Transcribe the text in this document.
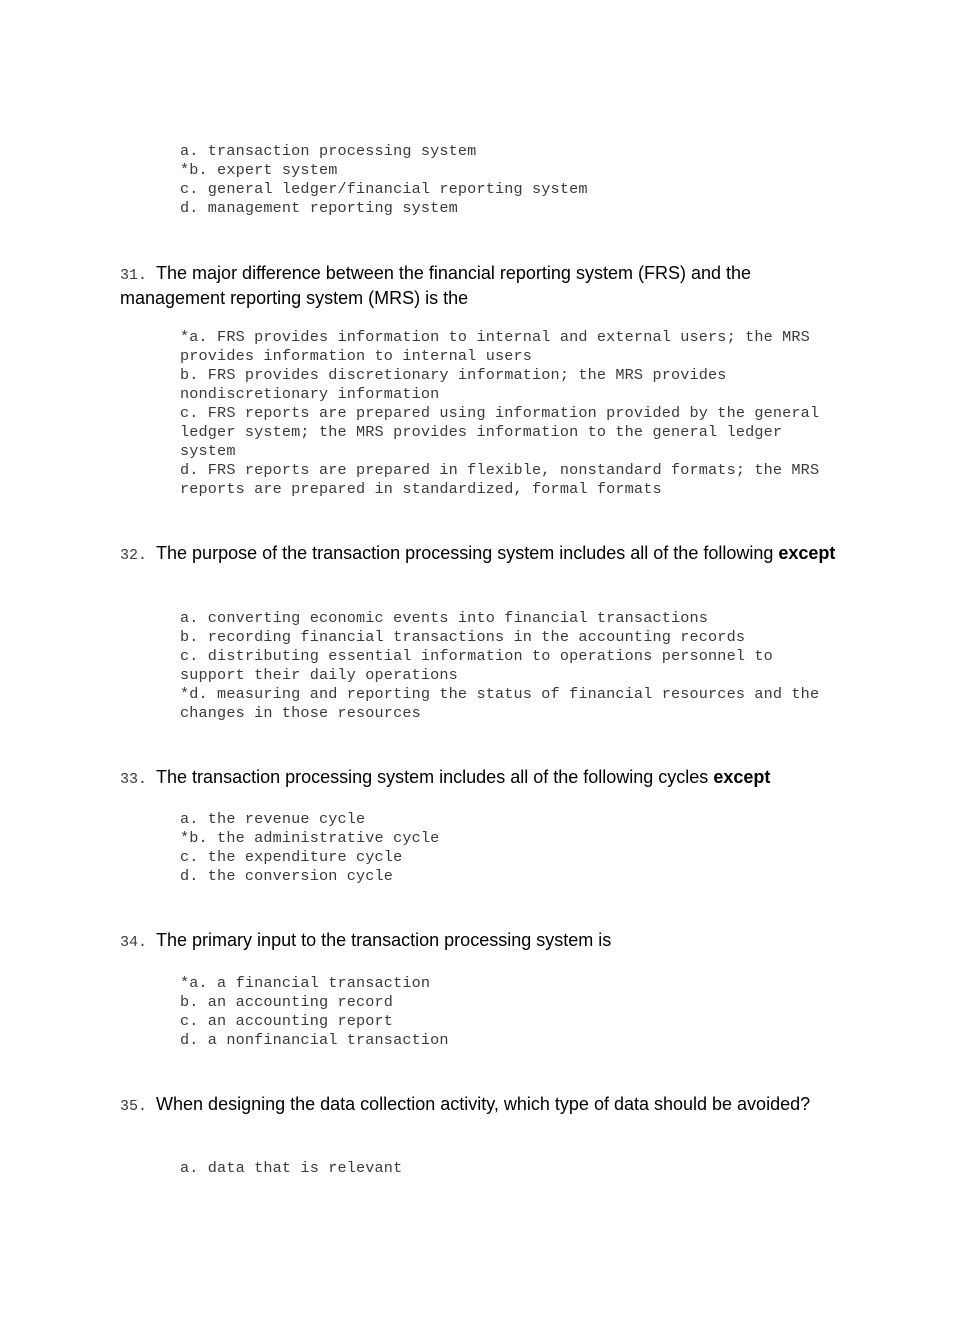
a. transaction processing system
*b. expert system
c. general ledger/financial reporting system
d. management reporting system
31. The major difference between the financial reporting system (FRS) and the management reporting system (MRS) is the
*a. FRS provides information to internal and external users; the MRS provides information to internal users
b. FRS provides discretionary information; the MRS provides nondiscretionary information
c. FRS reports are prepared using information provided by the general ledger system; the MRS provides information to the general ledger system
d. FRS reports are prepared in flexible, nonstandard formats; the MRS reports are prepared in standardized, formal formats
32. The purpose of the transaction processing system includes all of the following except
a. converting economic events into financial transactions
b. recording financial transactions in the accounting records
c. distributing essential information to operations personnel to support their daily operations
*d. measuring and reporting the status of financial resources and the changes in those resources
33. The transaction processing system includes all of the following cycles except
a. the revenue cycle
*b. the administrative cycle
c. the expenditure cycle
d. the conversion cycle
34. The primary input to the transaction processing system is
*a. a financial transaction
b. an accounting record
c. an accounting report
d. a nonfinancial transaction
35. When designing the data collection activity, which type of data should be avoided?
a. data that is relevant
